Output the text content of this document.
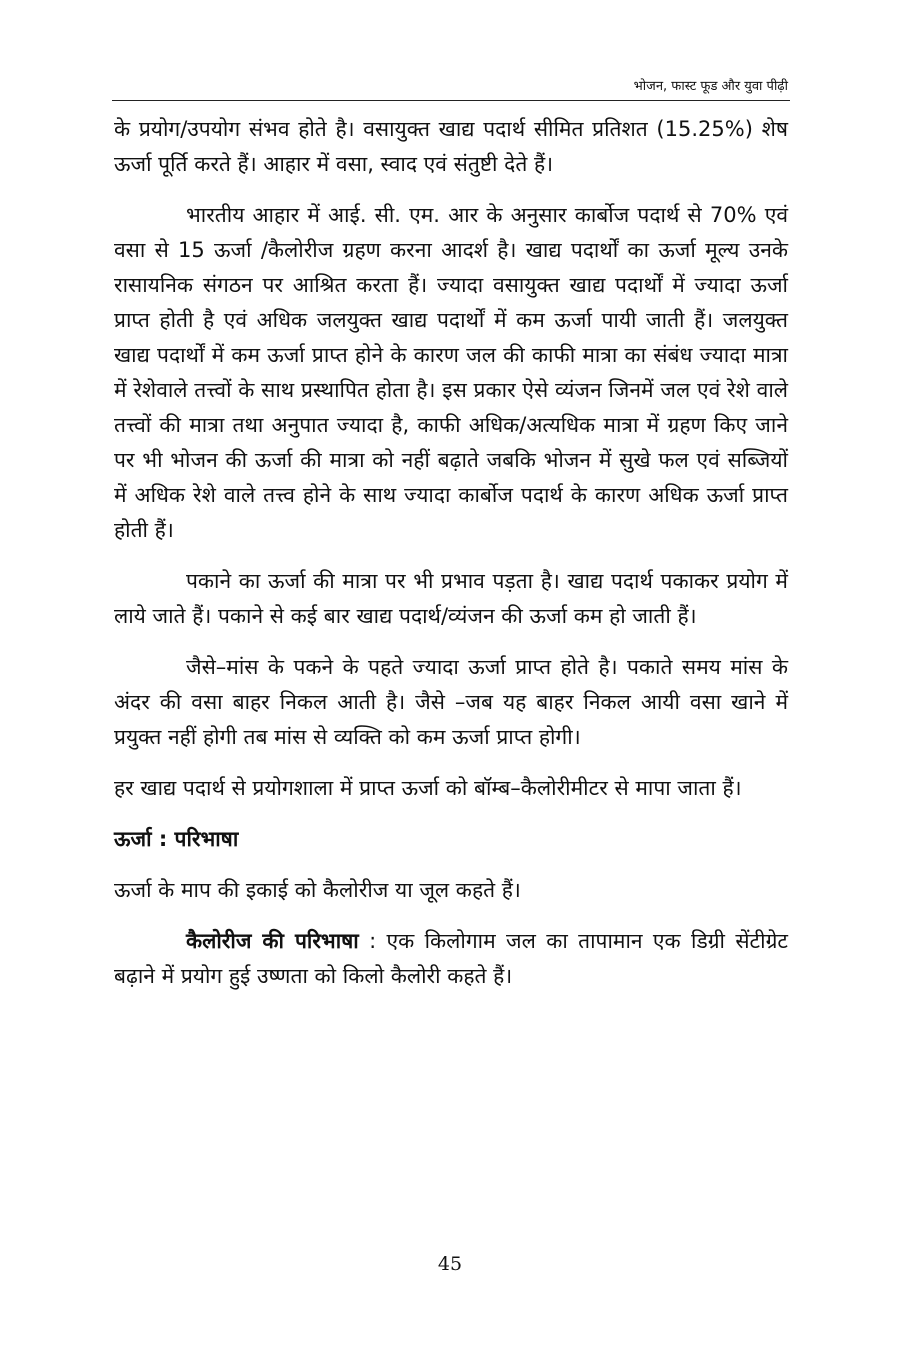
भोजन, फास्ट फूड और युवा पीढ़ी

के प्रयोग/उपयोग संभव होते है। वसायुक्त खाद्य पदार्थ सीमित प्रतिशत (15.25%) शेष ऊर्जा पूर्ति करते हैं। आहार में वसा, स्वाद एवं संतुष्टी देते हैं।

भारतीय आहार में आई. सी. एम. आर के अनुसार कार्बोज पदार्थ से 70% एवं वसा से 15 ऊर्जा /कैलोरीज ग्रहण करना आदर्श है। खाद्य पदार्थों का ऊर्जा मूल्य उनके रासायनिक संगठन पर आश्रित करता हैं। ज्यादा वसायुक्त खाद्य पदार्थों में ज्यादा ऊर्जा प्राप्त होती है एवं अधिक जलयुक्त खाद्य पदार्थों में कम ऊर्जा पायी जाती हैं। जलयुक्त खाद्य पदार्थों में कम ऊर्जा प्राप्त होने के कारण जल की काफी मात्रा का संबंध ज्यादा मात्रा में रेशेवाले तत्त्वों के साथ प्रस्थापित होता है। इस प्रकार ऐसे व्यंजन जिनमें जल एवं रेशे वाले तत्त्वों की मात्रा तथा अनुपात ज्यादा है, काफी अधिक/अत्यधिक मात्रा में ग्रहण किए जाने पर भी भोजन की ऊर्जा की मात्रा को नहीं बढ़ाते जबकि भोजन में सुखे फल एवं सब्जियों में अधिक रेशे वाले तत्त्व होने के साथ ज्यादा कार्बोज पदार्थ के कारण अधिक ऊर्जा प्राप्त होती हैं।

पकाने का ऊर्जा की मात्रा पर भी प्रभाव पड़ता है। खाद्य पदार्थ पकाकर प्रयोग में लाये जाते हैं। पकाने से कई बार खाद्य पदार्थ/व्यंजन की ऊर्जा कम हो जाती हैं।

जैसे–मांस के पकने के पहते ज्यादा ऊर्जा प्राप्त होते है। पकाते समय मांस के अंदर की वसा बाहर निकल आती है। जैसे –जब यह बाहर निकल आयी वसा खाने में प्रयुक्त नहीं होगी तब मांस से व्यक्ति को कम ऊर्जा प्राप्त होगी।

हर खाद्य पदार्थ से प्रयोगशाला में प्राप्त ऊर्जा को बॉम्ब–कैलोरीमीटर से मापा जाता हैं।

ऊर्जा : परिभाषा

ऊर्जा के माप की इकाई को कैलोरीज या जूल कहते हैं।

कैलोरीज की परिभाषा : एक किलोगाम जल का तापामान एक डिग्री सेंटीग्रेट बढ़ाने में प्रयोग हुई उष्णता को किलो कैलोरी कहते हैं।

45
